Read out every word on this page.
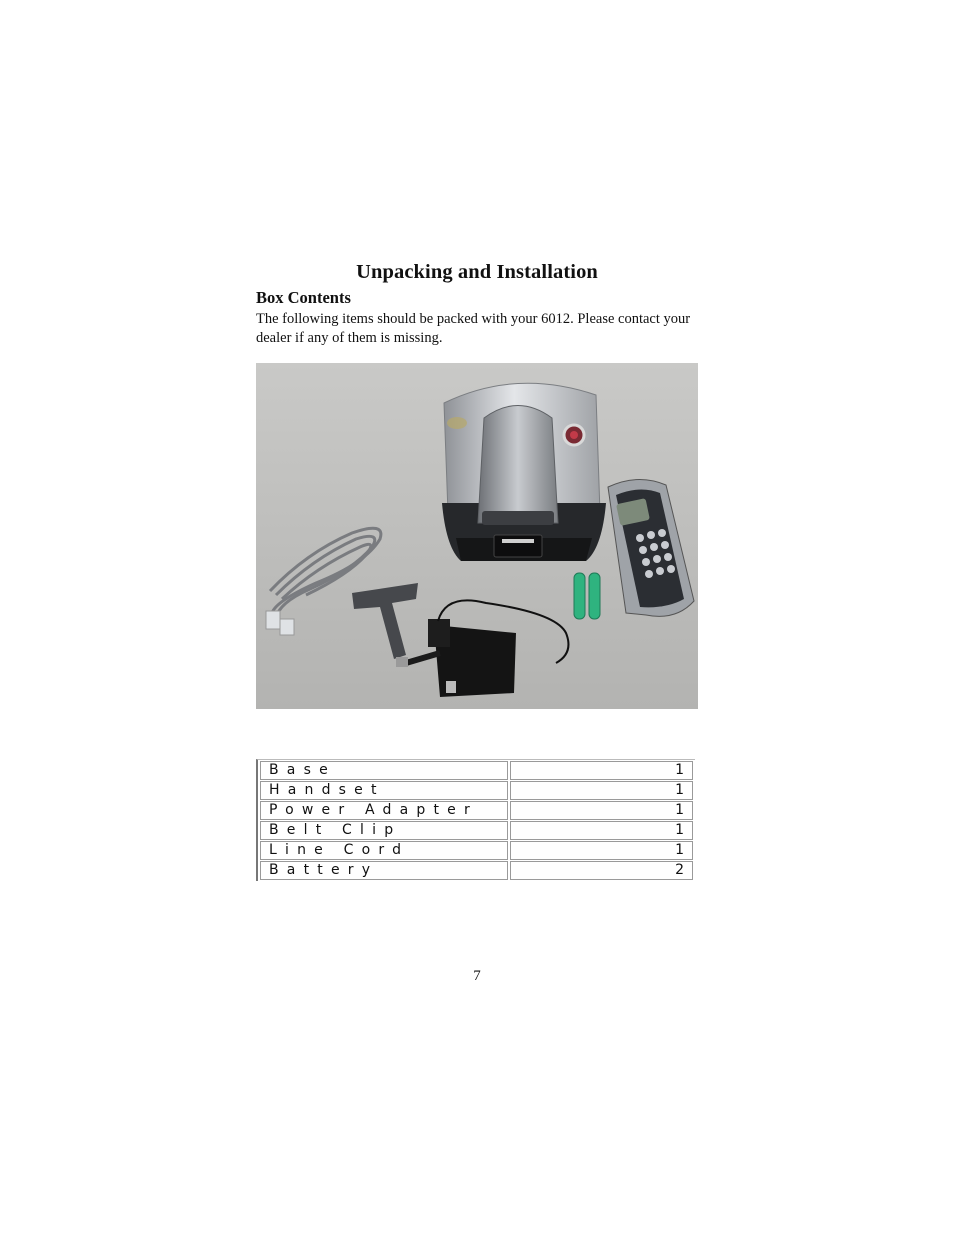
Unpacking and Installation
Box Contents
The following items should be packed with your 6012. Please contact your dealer if any of them is missing.
Base	1
Handset	1
Power Adapter	1
Belt Clip	1
Line Cord	1
Battery	2
7
